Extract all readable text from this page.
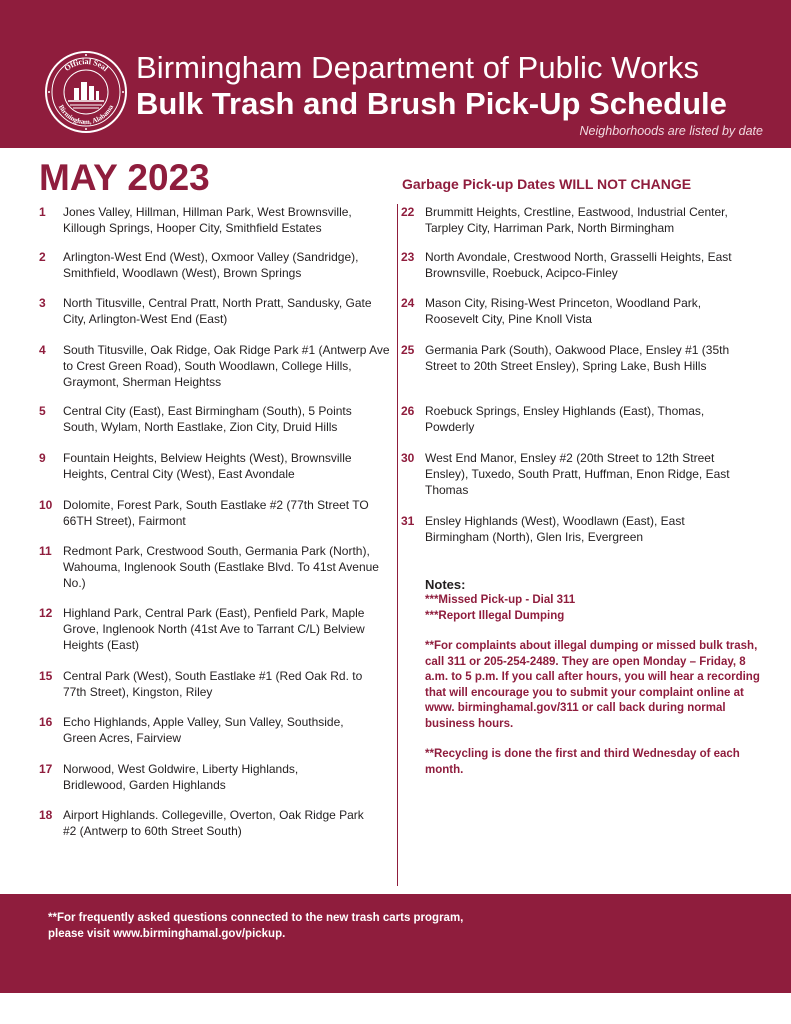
Official Seal
Birmingham, Alabama
Birmingham Department of Public Works
Bulk Trash and Brush Pick-Up Schedule
Neighborhoods are listed by date
MAY 2023	Garbage Pick-up Dates WILL NOT CHANGE
1	Jones Valley, Hillman, Hillman Park, West Brownsville, Killough Springs, Hooper City, Smithfield Estates
2	Arlington-West End (West), Oxmoor Valley (Sandridge), Smithfield, Woodlawn (West), Brown Springs
3	North Titusville, Central Pratt, North Pratt, Sandusky, Gate City, Arlington-West End (East)
4	South Titusville, Oak Ridge, Oak Ridge Park #1 (Antwerp Ave to Crest Green Road), South Woodlawn, College Hills, Graymont, Sherman Heightss
5	Central City (East), East Birmingham (South), 5 Points South, Wylam, North Eastlake, Zion City, Druid Hills
9	Fountain Heights, Belview Heights (West), Brownsville Heights, Central City (West), East Avondale
10 Dolomite, Forest Park, South Eastlake #2 (77th Street TO 66TH Street), Fairmont
11 Redmont Park, Crestwood South, Germania Park (North), Wahouma, Inglenook South (Eastlake Blvd. To 41st Avenue No.)
12 Highland Park, Central Park (East), Penfield Park, Maple Grove, Inglenook North (41st Ave to Tarrant C/L) Belview Heights (East)
15 Central Park (West), South Eastlake #1 (Red Oak Rd. to 77th Street), Kingston, Riley
16 Echo Highlands, Apple Valley, Sun Valley, Southside, Green Acres, Fairview
17 Norwood, West Goldwire, Liberty Highlands, Bridlewood, Garden Highlands
18 Airport Highlands. Collegeville, Overton, Oak Ridge Park #2 (Antwerp to 60th Street South)
22 Brummitt Heights, Crestline, Eastwood, Industrial Center, Tarpley City, Harriman Park, North Birmingham
23 North Avondale, Crestwood North, Grasselli Heights, East Brownsville, Roebuck, Acipco-Finley
24 Mason City, Rising-West Princeton, Woodland Park, Roosevelt City, Pine Knoll Vista
25 Germania Park (South), Oakwood Place, Ensley #1 (35th Street to 20th Street Ensley), Spring Lake, Bush Hills
26 Roebuck Springs, Ensley Highlands (East), Thomas, Powderly
30 West End Manor, Ensley #2 (20th Street to 12th Street Ensley), Tuxedo, South Pratt, Huffman, Enon Ridge, East Thomas
31 Ensley Highlands (West), Woodlawn (East), East Birmingham (North), Glen Iris, Evergreen

Notes:

***Missed Pick-up - Dial 311

***Report Illegal Dumping

**For complaints about illegal dumping or missed bulk trash, call 311 or 205-254-2489. They are open Monday – Friday, 8 a.m. to 5 p.m. If you call after hours, you will hear a recording that will encourage you to submit your complaint online at www. birminghamal.gov/311 or call back during normal business hours.

**Recycling is done the first and third Wednesday of each month.

**For frequently asked questions connected to the new trash carts program,
please visit www.birminghamal.gov/pickup.
